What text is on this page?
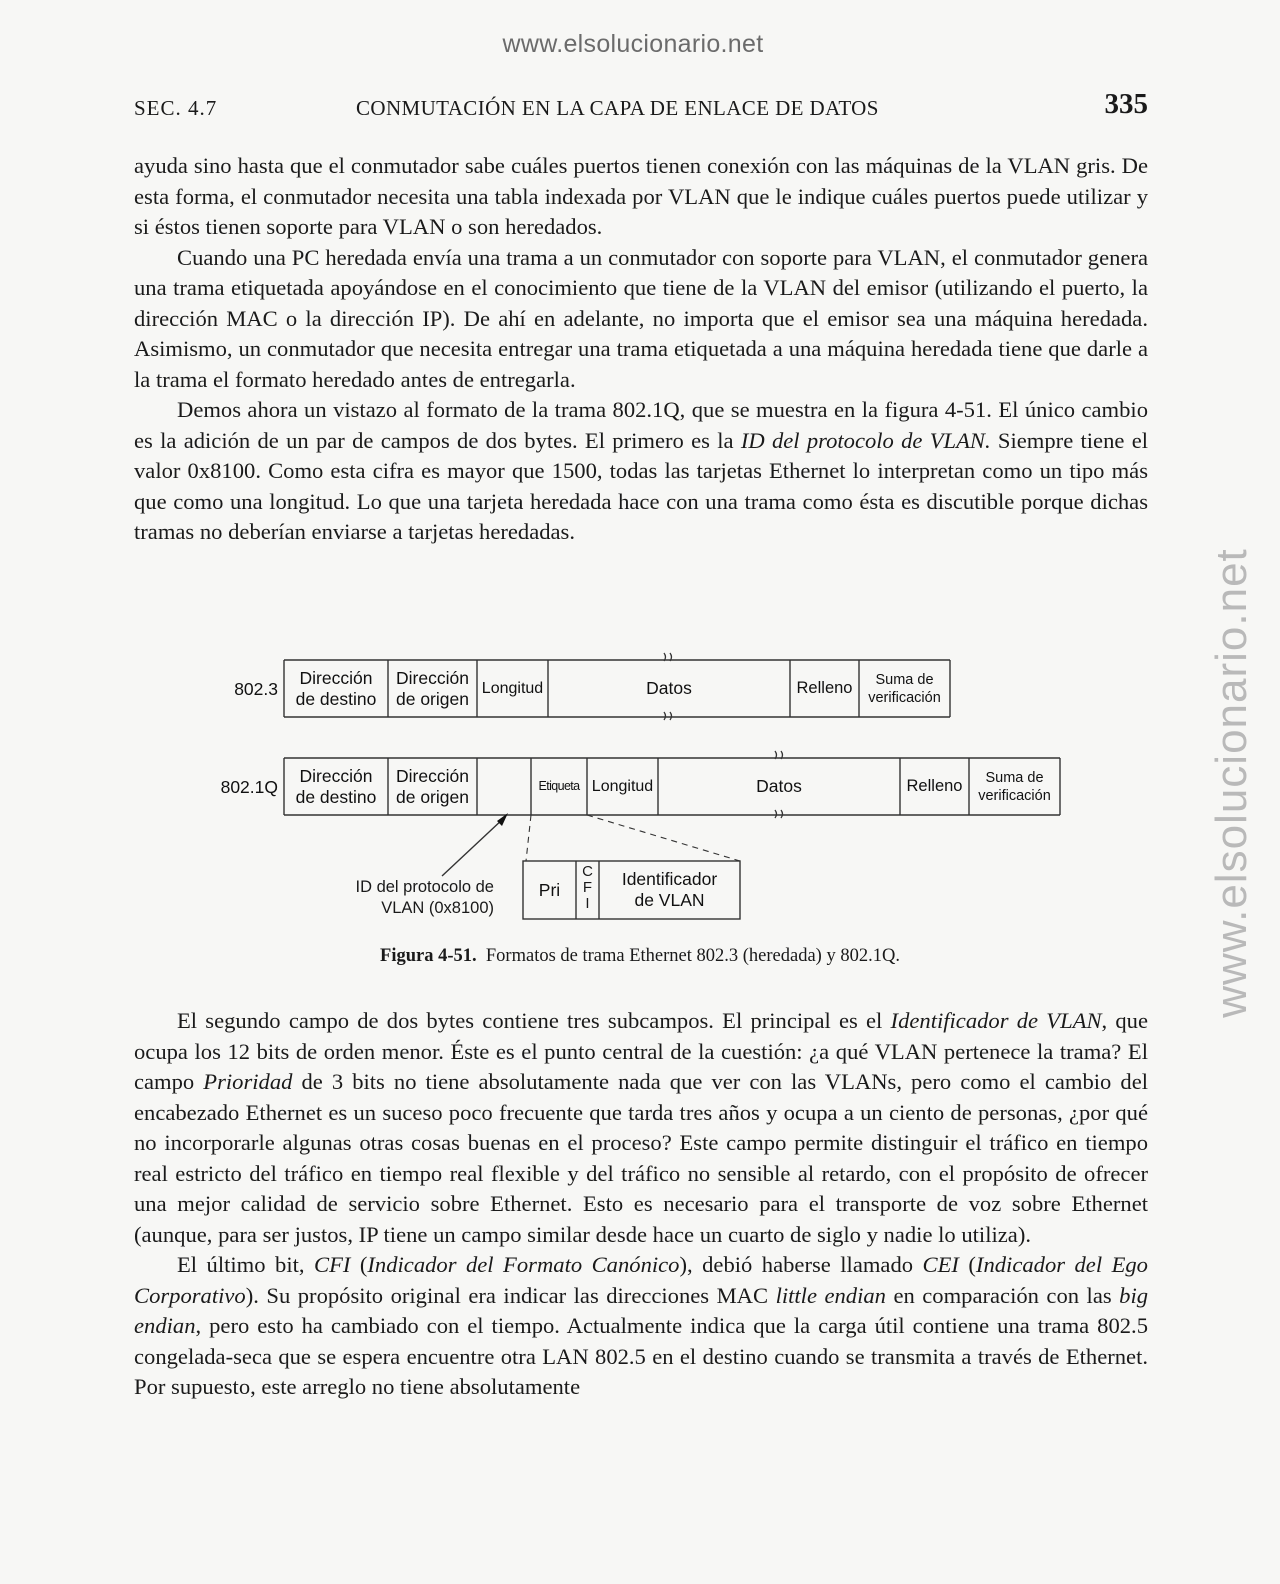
www.elsolucionario.net
www.elsolucionario.net
SEC. 4.7	CONMUTACIÓN EN LA CAPA DE ENLACE DE DATOS	335

ayuda sino hasta que el conmutador sabe cuáles puertos tienen conexión con las máquinas de la VLAN gris. De esta forma, el conmutador necesita una tabla indexada por VLAN que le indique cuáles puertos puede utilizar y si éstos tienen soporte para VLAN o son heredados.

Cuando una PC heredada envía una trama a un conmutador con soporte para VLAN, el conmutador genera una trama etiquetada apoyándose en el conocimiento que tiene de la VLAN del emisor (utilizando el puerto, la dirección MAC o la dirección IP). De ahí en adelante, no importa que el emisor sea una máquina heredada. Asimismo, un conmutador que necesita entregar una trama etiquetada a una máquina heredada tiene que darle a la trama el formato heredado antes de entregarla.

Demos ahora un vistazo al formato de la trama 802.1Q, que se muestra en la figura 4-51. El único cambio es la adición de un par de campos de dos bytes. El primero es la ID del protocolo de VLAN. Siempre tiene el valor 0x8100. Como esta cifra es mayor que 1500, todas las tarjetas Ethernet lo interpretan como un tipo más que como una longitud. Lo que una tarjeta heredada hace con una trama como ésta es discutible porque dichas tramas no deberían enviarse a tarjetas heredadas.

802.3
Dirección
de destino
Dirección
de origen Longitud	Datos	Relleno	Suma de
verificación
802.1Q
Dirección
de destino
Dirección
de origen
Etiqueta Longitud	Datos	Relleno	Suma de
verificación
Pri
C
F
I
Identificador
de VLAN
ID del protocolo de
VLAN (0x8100)
Figura 4-51. Formatos de trama Ethernet 802.3 (heredada) y 802.1Q.

El segundo campo de dos bytes contiene tres subcampos. El principal es el Identificador de VLAN, que ocupa los 12 bits de orden menor. Éste es el punto central de la cuestión: ¿a qué VLAN pertenece la trama? El campo Prioridad de 3 bits no tiene absolutamente nada que ver con las VLANs, pero como el cambio del encabezado Ethernet es un suceso poco frecuente que tarda tres años y ocupa a un ciento de personas, ¿por qué no incorporarle algunas otras cosas buenas en el proceso? Este campo permite distinguir el tráfico en tiempo real estricto del tráfico en tiempo real flexible y del tráfico no sensible al retardo, con el propósito de ofrecer una mejor calidad de servicio sobre Ethernet. Esto es necesario para el transporte de voz sobre Ethernet (aunque, para ser justos, IP tiene un campo similar desde hace un cuarto de siglo y nadie lo utiliza).

El último bit, CFI (Indicador del Formato Canónico), debió haberse llamado CEI (Indicador del Ego Corporativo). Su propósito original era indicar las direcciones MAC little endian en comparación con las big endian, pero esto ha cambiado con el tiempo. Actualmente indica que la carga útil contiene una trama 802.5 congelada-seca que se espera encuentre otra LAN 802.5 en el destino cuando se transmita a través de Ethernet. Por supuesto, este arreglo no tiene absolutamente
